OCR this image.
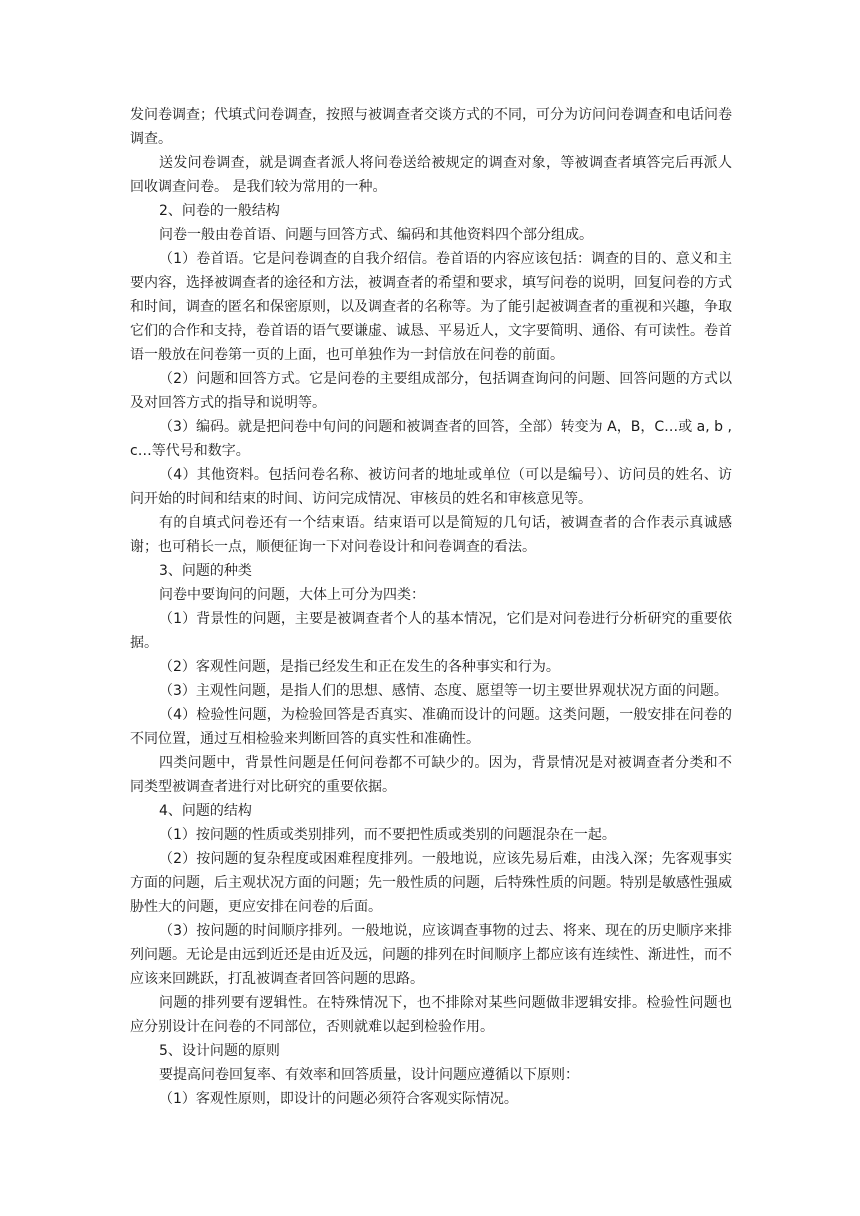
发问卷调查；代填式问卷调查，按照与被调查者交谈方式的不同，可分为访问问卷调查和电话问卷调查。

送发问卷调查，就是调查者派人将问卷送给被规定的调查对象，等被调查者填答完后再派人回收调查问卷。 是我们较为常用的一种。

2、问卷的一般结构

问卷一般由卷首语、问题与回答方式、编码和其他资料四个部分组成。

（1）卷首语。它是问卷调查的自我介绍信。卷首语的内容应该包括：调查的目的、意义和主要内容，选择被调查者的途径和方法，被调查者的希望和要求，填写问卷的说明，回复问卷的方式和时间，调查的匿名和保密原则，以及调查者的名称等。为了能引起被调查者的重视和兴趣，争取它们的合作和支持，卷首语的语气要谦虚、诚恳、平易近人，文字要简明、通俗、有可读性。卷首语一般放在问卷第一页的上面，也可单独作为一封信放在问卷的前面。

（2）问题和回答方式。它是问卷的主要组成部分，包括调查询问的问题、回答问题的方式以及对回答方式的指导和说明等。

（3）编码。就是把问卷中旬问的问题和被调查者的回答，全部）转变为 A，B，C…或 a, b ,c…等代号和数字。

（4）其他资料。包括问卷名称、被访问者的地址或单位（可以是编号）、访问员的姓名、访问开始的时间和结束的时间、访问完成情况、审核员的姓名和审核意见等。

有的自填式问卷还有一个结束语。结束语可以是简短的几句话，被调查者的合作表示真诚感谢；也可稍长一点，顺便征询一下对问卷设计和问卷调查的看法。

3、问题的种类

问卷中要询问的问题，大体上可分为四类：

（1）背景性的问题，主要是被调查者个人的基本情况，它们是对问卷进行分析研究的重要依据。

（2）客观性问题，是指已经发生和正在发生的各种事实和行为。

（3）主观性问题，是指人们的思想、感情、态度、愿望等一切主要世界观状况方面的问题。

（4）检验性问题，为检验回答是否真实、准确而设计的问题。这类问题，一般安排在问卷的不同位置，通过互相检验来判断回答的真实性和准确性。

四类问题中，背景性问题是任何问卷都不可缺少的。因为，背景情况是对被调查者分类和不同类型被调查者进行对比研究的重要依据。

4、问题的结构

（1）按问题的性质或类别排列，而不要把性质或类别的问题混杂在一起。

（2）按问题的复杂程度或困难程度排列。一般地说，应该先易后难，由浅入深；先客观事实方面的问题，后主观状况方面的问题；先一般性质的问题，后特殊性质的问题。特别是敏感性强威胁性大的问题，更应安排在问卷的后面。

（3）按问题的时间顺序排列。一般地说，应该调查事物的过去、将来、现在的历史顺序来排列问题。无论是由远到近还是由近及远，问题的排列在时间顺序上都应该有连续性、渐进性，而不应该来回跳跃，打乱被调查者回答问题的思路。

问题的排列要有逻辑性。在特殊情况下，也不排除对某些问题做非逻辑安排。检验性问题也应分别设计在问卷的不同部位，否则就难以起到检验作用。

5、设计问题的原则

要提高问卷回复率、有效率和回答质量，设计问题应遵循以下原则：

（1）客观性原则，即设计的问题必须符合客观实际情况。
